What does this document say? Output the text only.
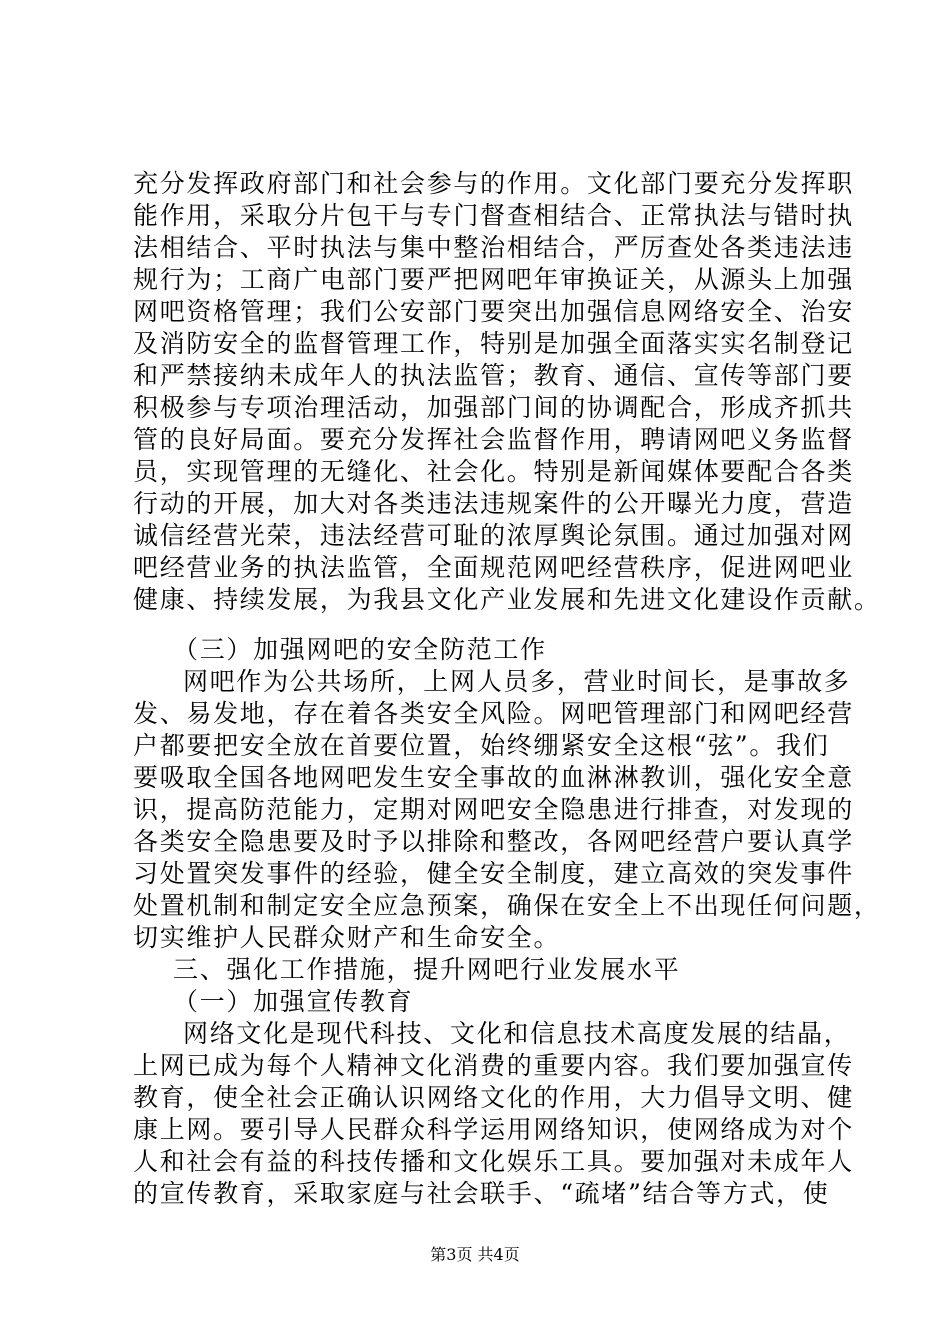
充分发挥政府部门和社会参与的作用。文化部门要充分发挥职
能作用，采取分片包干与专门督查相结合、正常执法与错时执
法相结合、平时执法与集中整治相结合，严厉查处各类违法违
规行为；工商广电部门要严把网吧年审换证关，从源头上加强
网吧资格管理；我们公安部门要突出加强信息网络安全、治安
及消防安全的监督管理工作，特别是加强全面落实实名制登记
和严禁接纳未成年人的执法监管；教育、通信、宣传等部门要
积极参与专项治理活动，加强部门间的协调配合，形成齐抓共
管的良好局面。要充分发挥社会监督作用，聘请网吧义务监督
员，实现管理的无缝化、社会化。特别是新闻媒体要配合各类
行动的开展，加大对各类违法违规案件的公开曝光力度，营造
诚信经营光荣，违法经营可耻的浓厚舆论氛围。通过加强对网
吧经营业务的执法监管，全面规范网吧经营秩序，促进网吧业
健康、持续发展，为我县文化产业发展和先进文化建设作贡献。
（三）加强网吧的安全防范工作
网吧作为公共场所，上网人员多，营业时间长，是事故多
发、易发地，存在着各类安全风险。网吧管理部门和网吧经营
户都要把安全放在首要位置，始终绷紧安全这根“弦”。我们
要吸取全国各地网吧发生安全事故的血淋淋教训，强化安全意
识，提高防范能力，定期对网吧安全隐患进行排查，对发现的
各类安全隐患要及时予以排除和整改，各网吧经营户要认真学
习处置突发事件的经验，健全安全制度，建立高效的突发事件
处置机制和制定安全应急预案，确保在安全上不出现任何问题，
切实维护人民群众财产和生命安全。
三、强化工作措施，提升网吧行业发展水平
（一）加强宣传教育
网络文化是现代科技、文化和信息技术高度发展的结晶，
上网已成为每个人精神文化消费的重要内容。我们要加强宣传
教育，使全社会正确认识网络文化的作用，大力倡导文明、健
康上网。要引导人民群众科学运用网络知识，使网络成为对个
人和社会有益的科技传播和文化娱乐工具。要加强对未成年人
的宣传教育，采取家庭与社会联手、“疏堵”结合等方式，使
第3页 共4页
